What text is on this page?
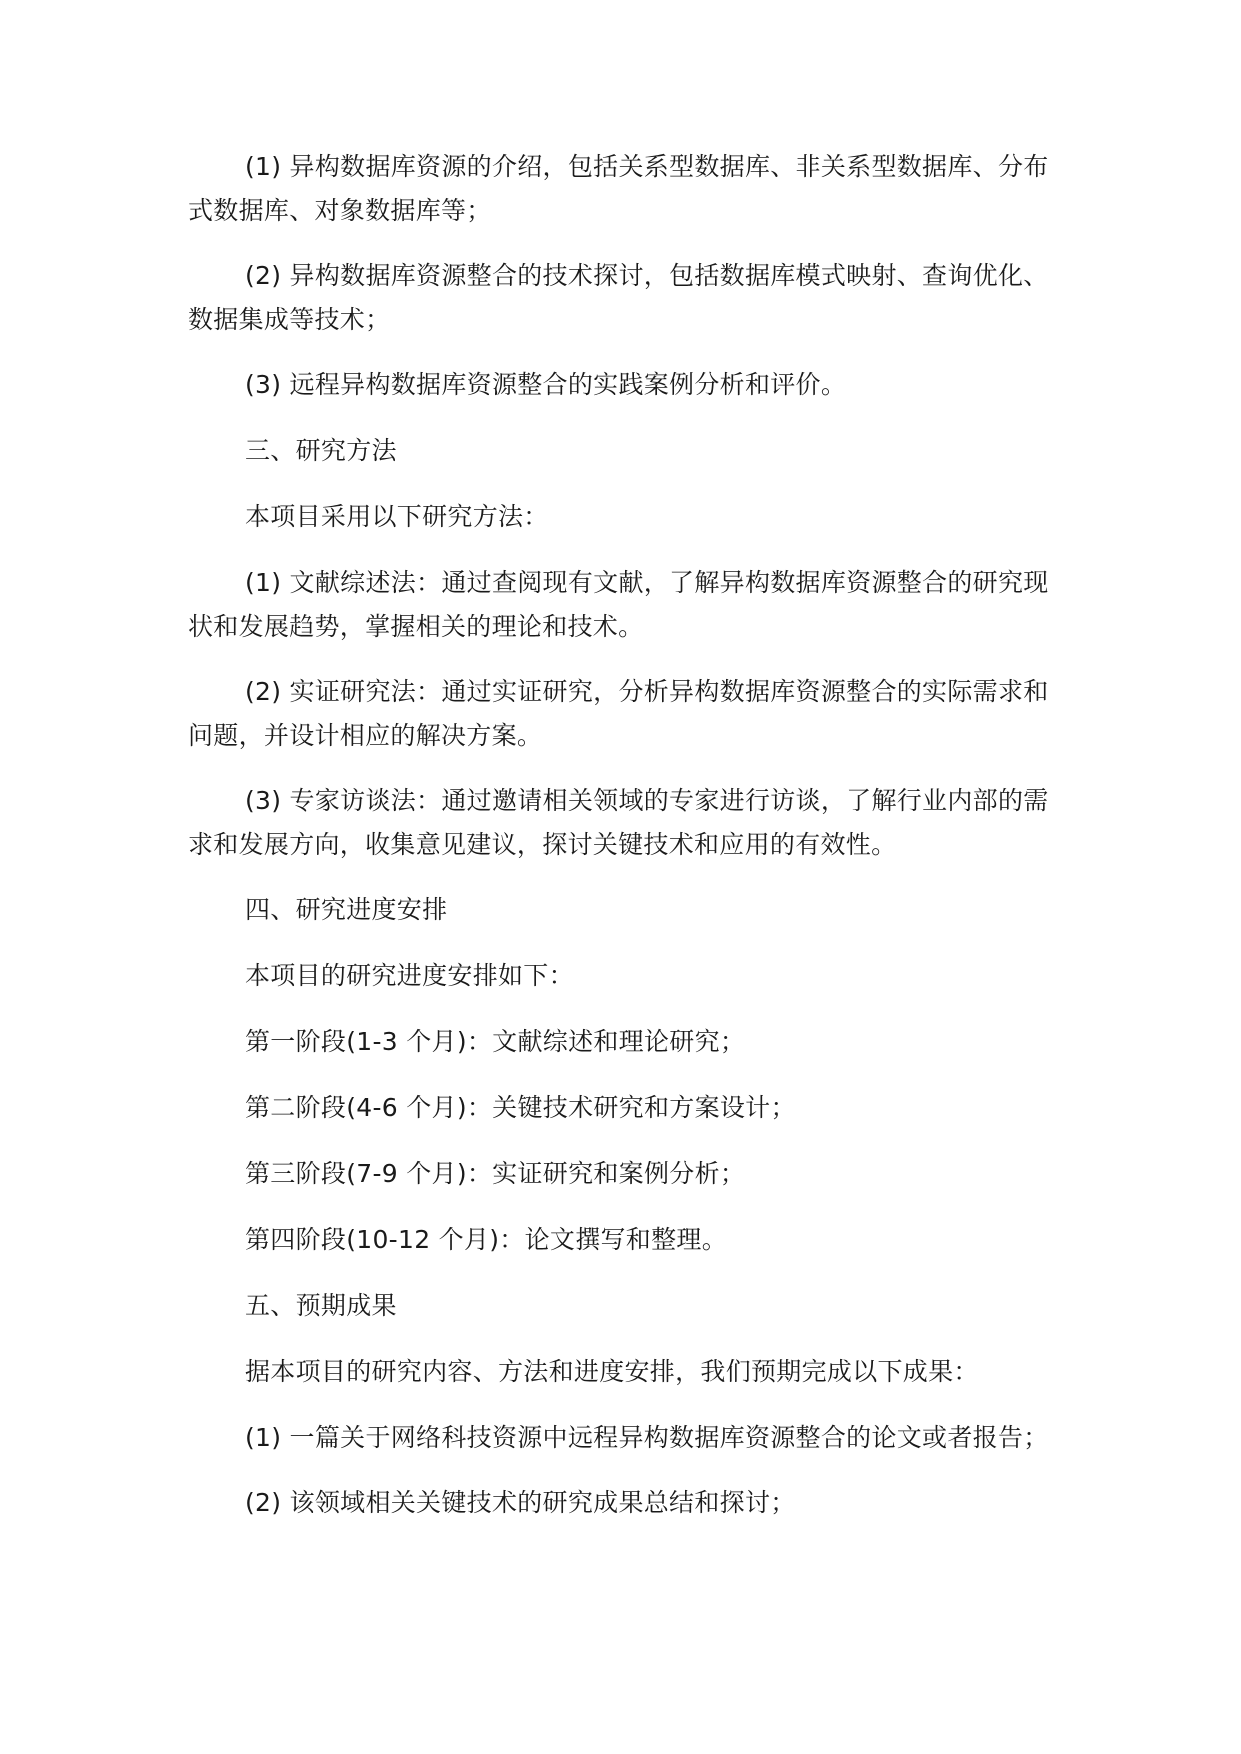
(1) 异构数据库资源的介绍，包括关系型数据库、非关系型数据库、分布式数据库、对象数据库等；

(2) 异构数据库资源整合的技术探讨，包括数据库模式映射、查询优化、数据集成等技术；

(3) 远程异构数据库资源整合的实践案例分析和评价。

三、研究方法

本项目采用以下研究方法：

(1) 文献综述法：通过查阅现有文献，了解异构数据库资源整合的研究现状和发展趋势，掌握相关的理论和技术。

(2) 实证研究法：通过实证研究，分析异构数据库资源整合的实际需求和问题，并设计相应的解决方案。

(3) 专家访谈法：通过邀请相关领域的专家进行访谈，了解行业内部的需求和发展方向，收集意见建议，探讨关键技术和应用的有效性。

四、研究进度安排

本项目的研究进度安排如下：

第一阶段(1-3 个月)：文献综述和理论研究；

第二阶段(4-6 个月)：关键技术研究和方案设计；

第三阶段(7-9 个月)：实证研究和案例分析；

第四阶段(10-12 个月)：论文撰写和整理。

五、预期成果

据本项目的研究内容、方法和进度安排，我们预期完成以下成果：

(1) 一篇关于网络科技资源中远程异构数据库资源整合的论文或者报告；

(2) 该领域相关关键技术的研究成果总结和探讨；
